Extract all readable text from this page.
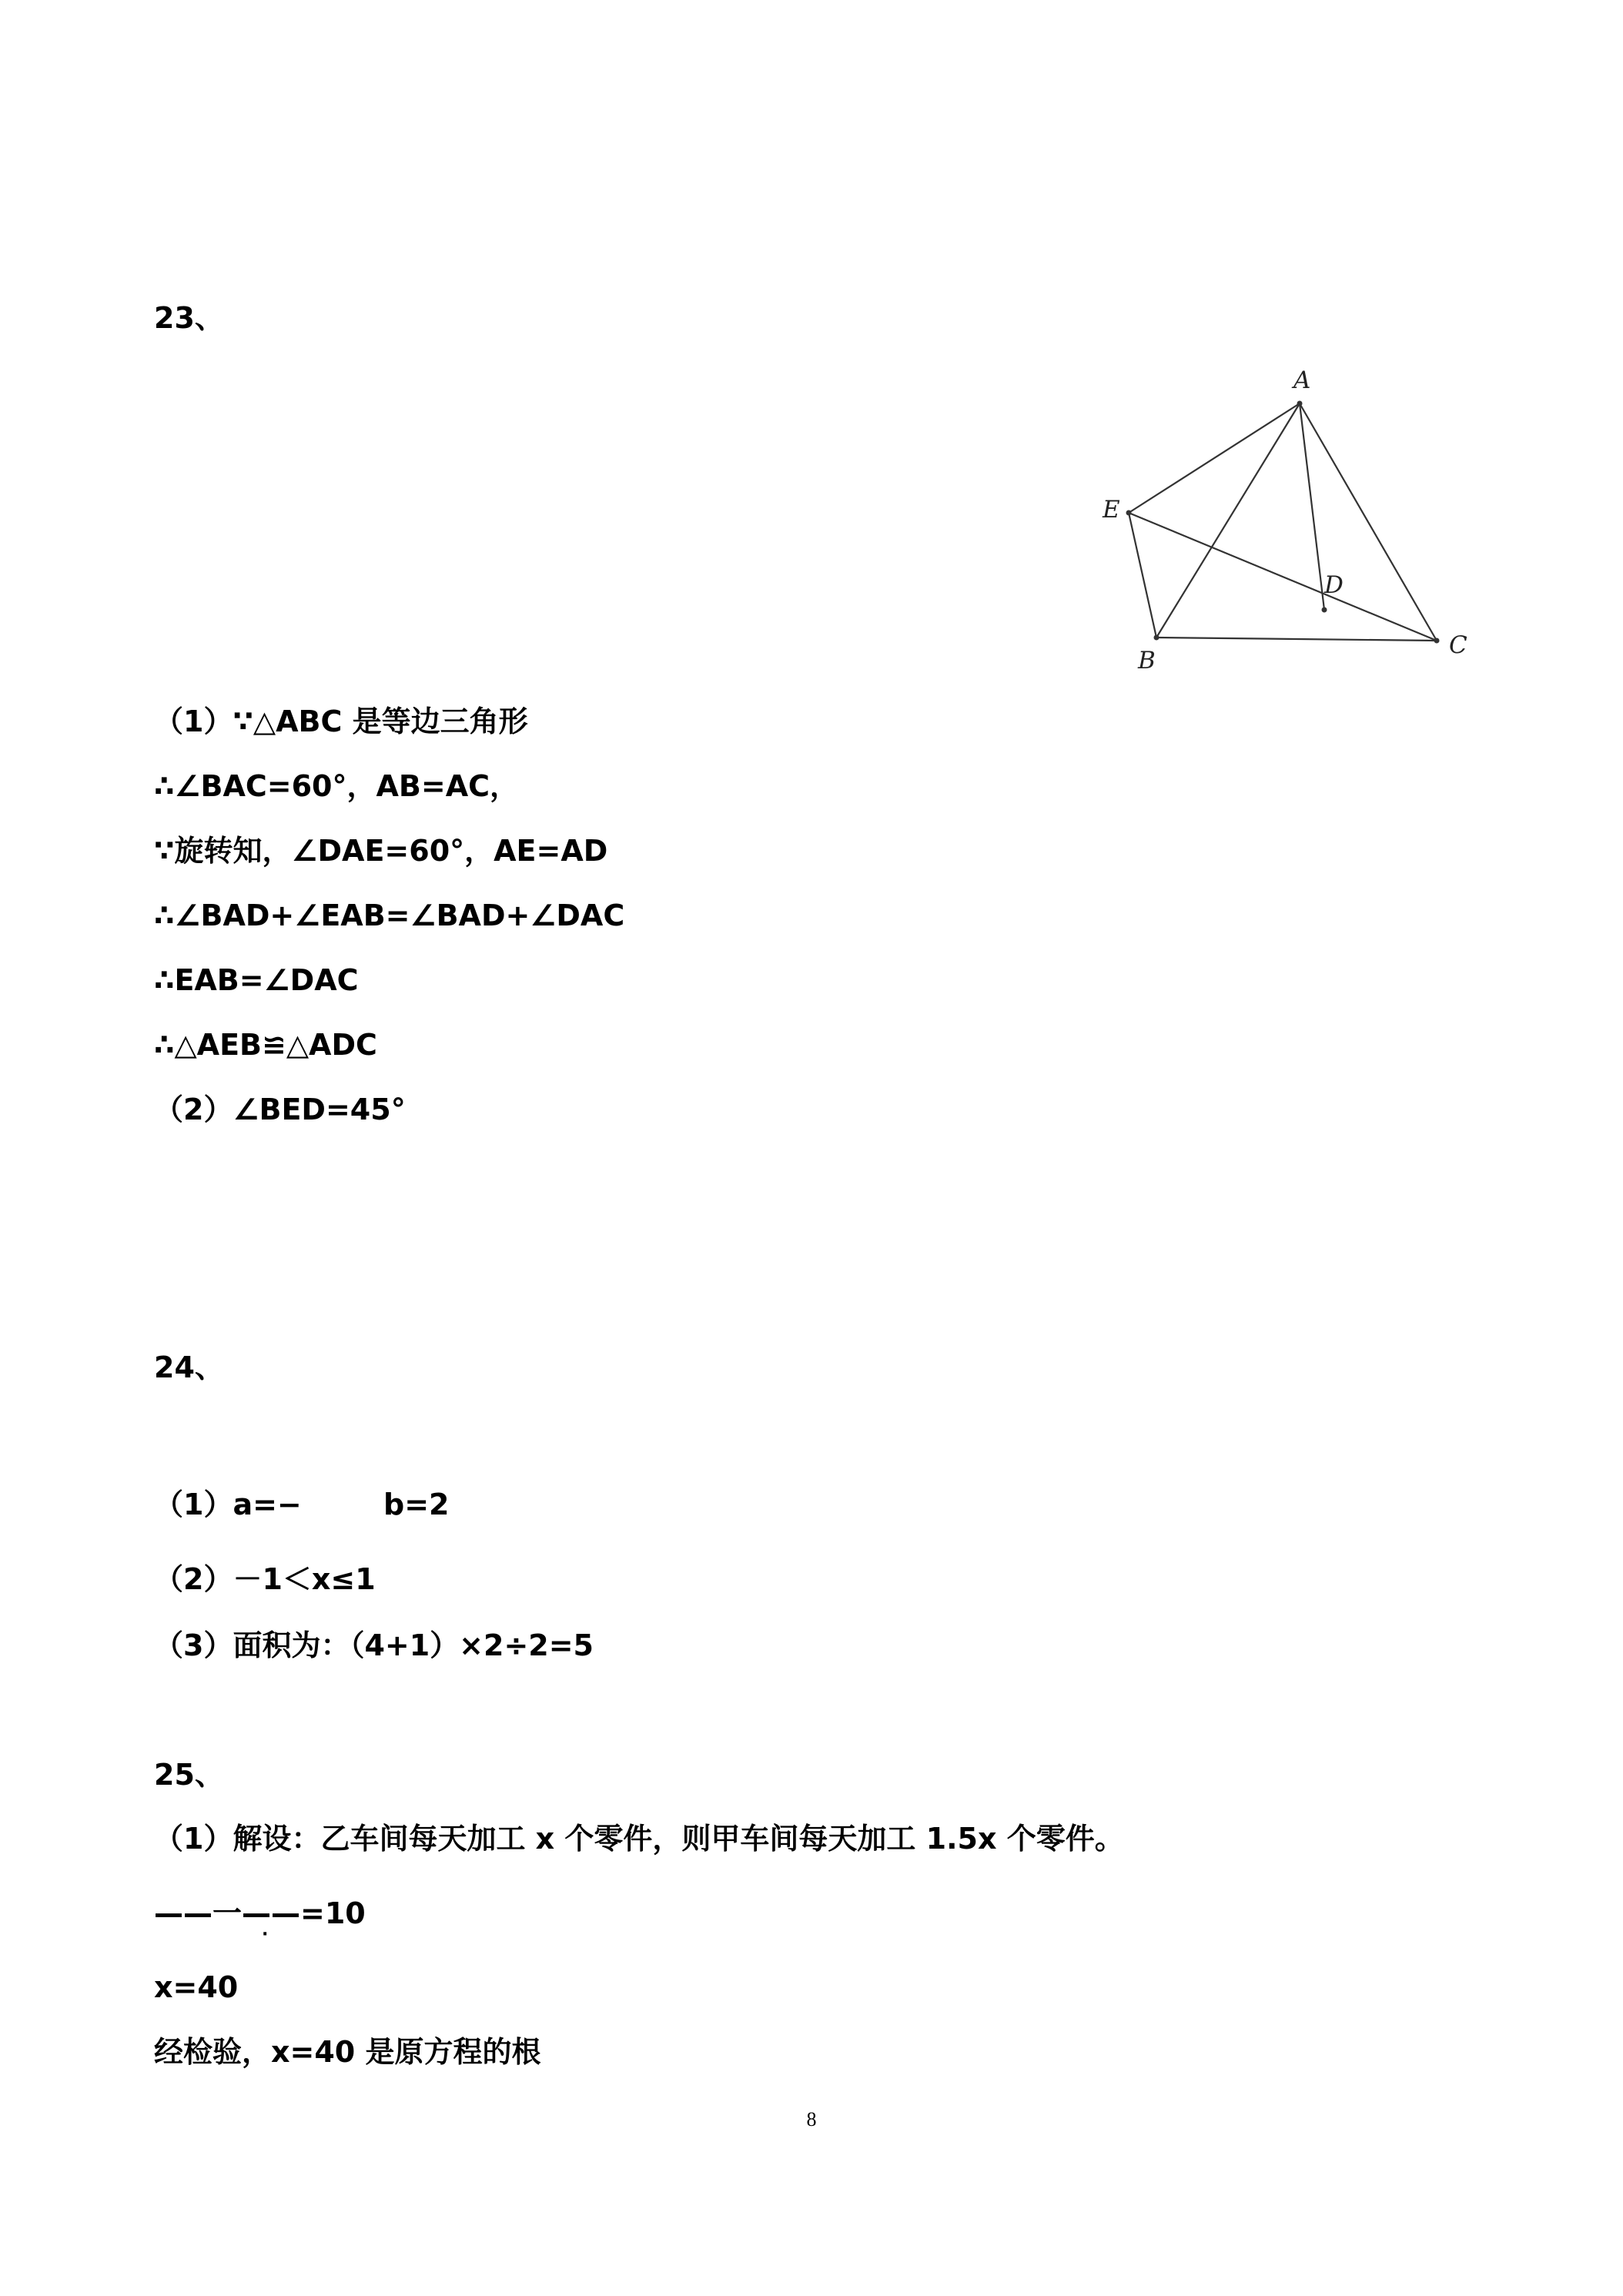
23、
A
E
D
B
C
（1）∵△ABC 是等边三角形
∴∠BAC=60°，AB=AC，
∵旋转知，∠DAE=60°，AE=AD
∴∠BAD+∠EAB=∠BAD+∠DAC
∴EAB=∠DAC
∴△AEB≌△ADC
（2）∠BED=45°
24、
（1）a=−	b=2
（2）－1＜x≤1
（3）面积为：（4+1）×2÷2=5
25、
（1）解设：乙车间每天加工 x 个零件，则甲车间每天加工 1.5x 个零件。
——一——=10
·
x=40
经检验，x=40 是原方程的根
8
